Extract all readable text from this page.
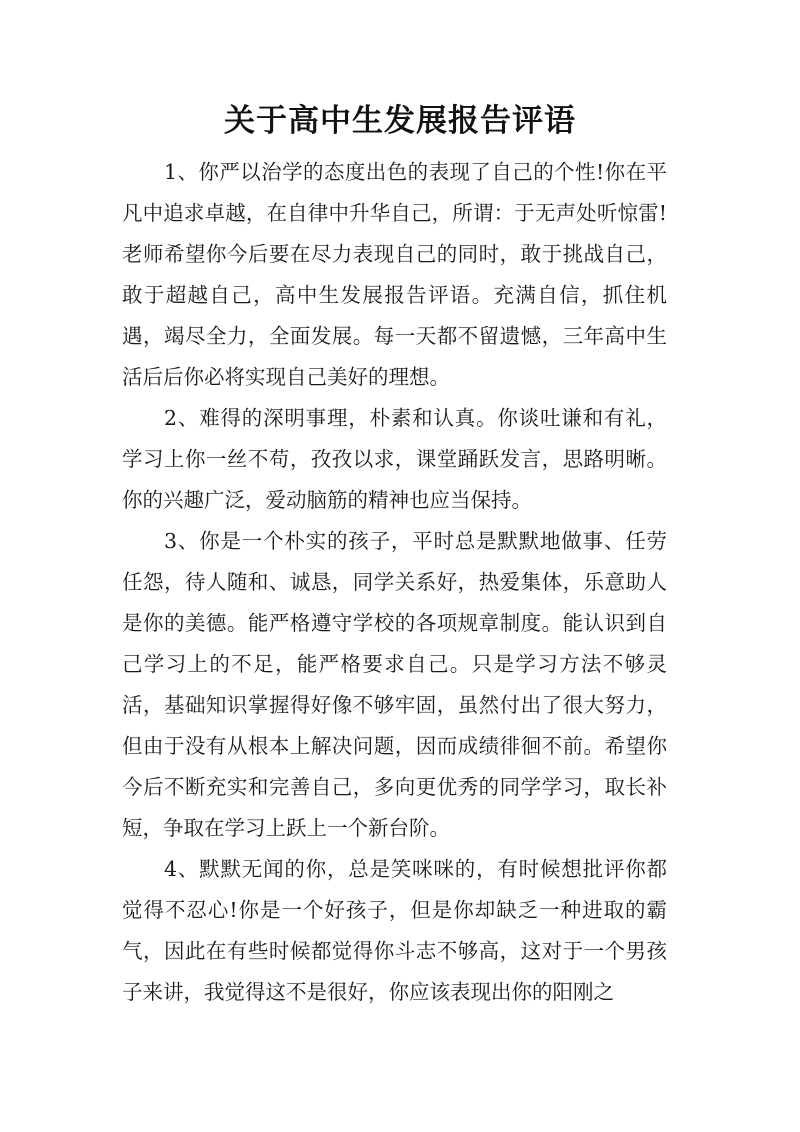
关于高中生发展报告评语

1、你严以治学的态度出色的表现了自己的个性!你在平凡中追求卓越，在自律中升华自己，所谓：于无声处听惊雷!老师希望你今后要在尽力表现自己的同时，敢于挑战自己，敢于超越自己，高中生发展报告评语。充满自信，抓住机遇，竭尽全力，全面发展。每一天都不留遗憾，三年高中生活后后你必将实现自己美好的理想。

2、难得的深明事理，朴素和认真。你谈吐谦和有礼，学习上你一丝不苟，孜孜以求，课堂踊跃发言，思路明晰。你的兴趣广泛，爱动脑筋的精神也应当保持。

3、你是一个朴实的孩子，平时总是默默地做事、任劳任怨，待人随和、诚恳，同学关系好，热爱集体，乐意助人是你的美德。能严格遵守学校的各项规章制度。能认识到自己学习上的不足，能严格要求自己。只是学习方法不够灵活，基础知识掌握得好像不够牢固，虽然付出了很大努力，但由于没有从根本上解决问题，因而成绩徘徊不前。希望你今后不断充实和完善自己，多向更优秀的同学学习，取长补短，争取在学习上跃上一个新台阶。

4、默默无闻的你，总是笑咪咪的，有时候想批评你都觉得不忍心!你是一个好孩子，但是你却缺乏一种进取的霸气，因此在有些时候都觉得你斗志不够高，这对于一个男孩子来讲，我觉得这不是很好，你应该表现出你的阳刚之
